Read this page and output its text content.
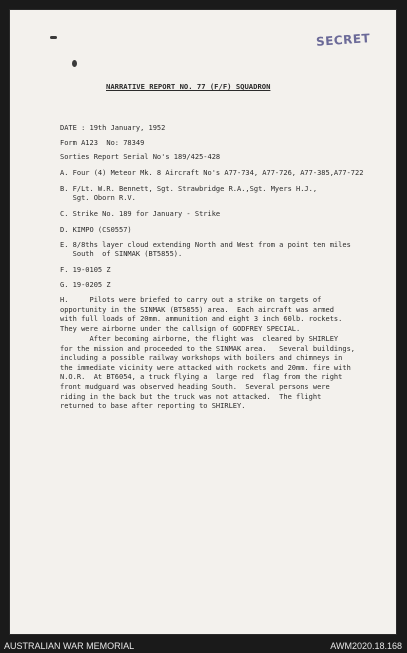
SECRET
NARRATIVE REPORT NO. 77 (F/F) SQUADRON
DATE : 19th January, 1952
Form A123  No: 78349
Sorties Report Serial No's 189/425-428
A. Four (4) Meteor Mk. 8 Aircraft No's A77-734, A77-726, A77-385,A77-722
B. F/Lt. W.R. Bennett, Sgt. Strawbridge R.A.,Sgt. Myers H.J.,
Sgt. Oborn R.V.
C. Strike No. 189 for January - Strike
D. KIMPO (CS0557)
E. 8/8ths layer cloud extending North and West from a point ten miles
South  of SINMAK (BT5855).
F. 19-0105 Z
G. 19-0205 Z
H.     Pilots were briefed to carry out a strike on targets of
opportunity in the SINMAK (BT5855) area.  Each aircraft was armed
with full loads of 20mm. ammunition and eight 3 inch 60lb. rockets.
They were airborne under the callsign of GODFREY SPECIAL.
After becoming airborne, the flight was  cleared by SHIRLEY
for the mission and proceeded to the SINMAK area.   Several buildings,
including a possible railway workshops with boilers and chimneys in
the immediate vicinity were attacked with rockets and 20mm. fire with
N.O.R.  At BT6054, a truck flying a  large red  flag from the right
front mudguard was observed heading South.  Several persons were
riding in the back but the truck was not attacked.  The flight
returned to base after reporting to SHIRLEY.
AUSTRALIAN WAR MEMORIAL	AWM2020.18.168
